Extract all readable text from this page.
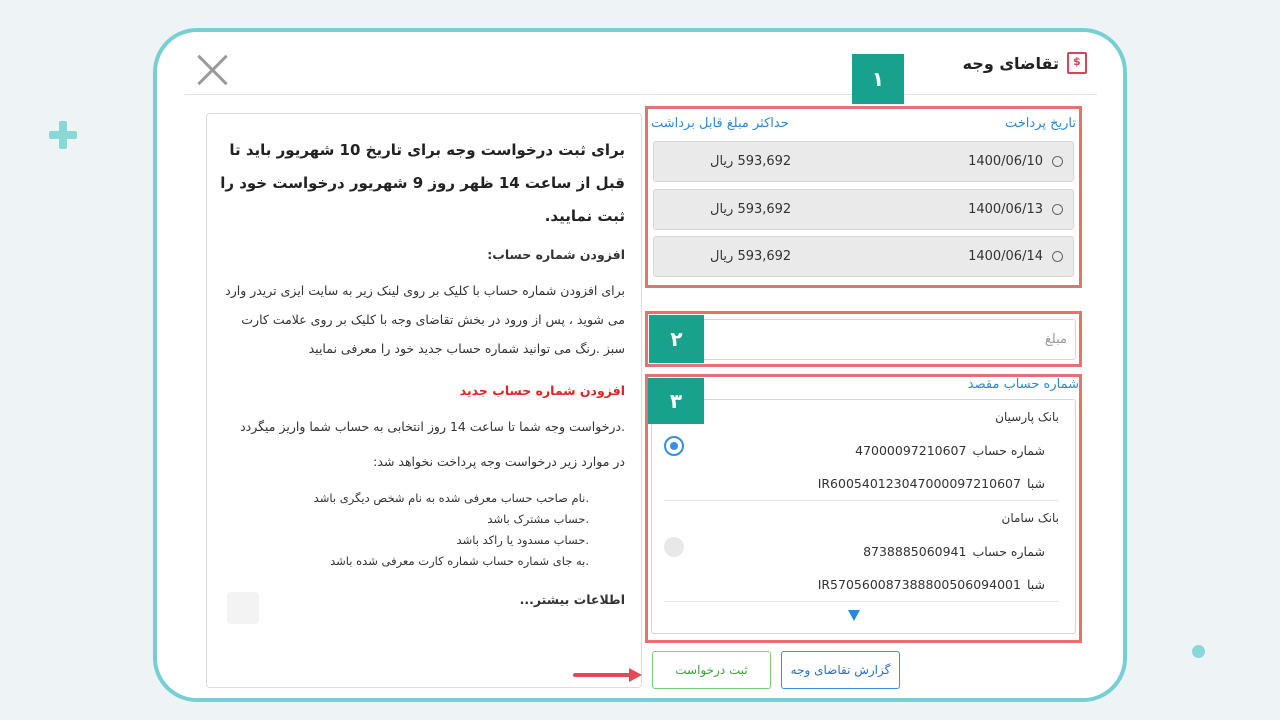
$
تقاضای وجه
برای ثبت درخواست وجه برای تاریخ 10 شهریور باید تا قبل از ساعت 14 ظهر روز 9 شهریور درخواست خود را ثبت نمایید.
افزودن شماره حساب:
برای افزودن شماره حساب با کلیک بر روی لینک زیر به سایت ایزی تریدر وارد می شوید ، پس از ورود در بخش تقاضای وجه با کلیک بر روی علامت کارت سبز .رنگ می توانید شماره حساب جدید خود را معرفی نمایید
افزودن شماره حساب جدید
.درخواست وجه شما تا ساعت 14 روز انتخابی به حساب شما واریز میگردد
در موارد زیر درخواست وجه پرداخت نخواهد شد:
.نام صاحب حساب معرفی شده به نام شخص دیگری باشد
.حساب مشترک باشد
.حساب مسدود یا راکد باشد
.به جای شماره حساب شماره کارت معرفی شده باشد
اطلاعات بیشتر...
۱
حداکثر مبلغ قابل برداشت	تاریخ پرداخت
1400/06/10
593,692 ریال
1400/06/13
593,692 ریال
1400/06/14
593,692 ریال
مبلغ
۲
شماره حساب مقصد
بانک پارسیان
شماره حساب
47000097210607
شبا
IR600540123047000097210607
بانک سامان
شماره حساب
8738885060941
شبا
IR570560087388800506094001
۳
گزارش تقاضای وجه
ثبت درخواست
